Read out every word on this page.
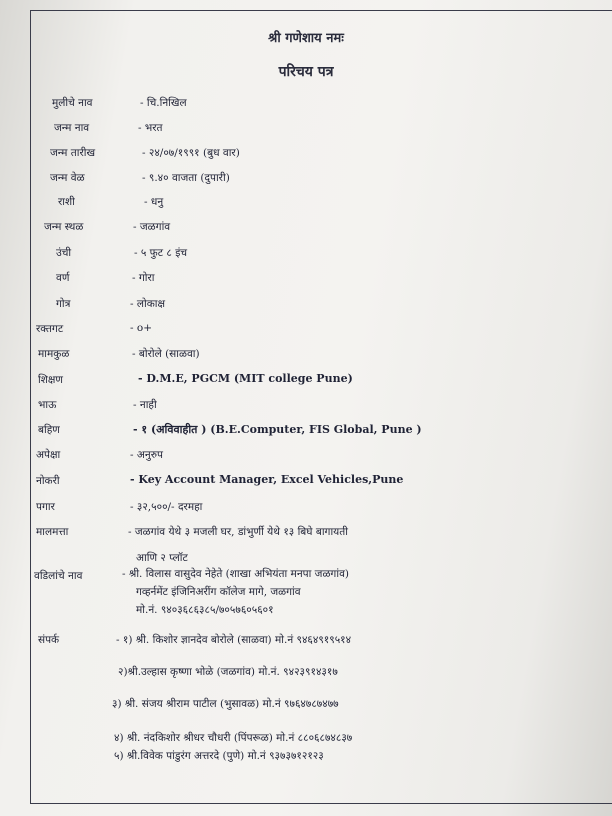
श्री गणेशाय नमः
परिचय पत्र
मुलीचे नाव	- चि.निखिल
जन्म नाव	- भरत
जन्म तारीख	- २४/०७/१९९१ (बुध वार)
जन्म वेळ	- ९.४० वाजता (दुपारी)
राशी	- धनु
जन्म स्थळ	- जळगांव
उंची	- ५ फुट ८ इंच
वर्ण	- गोरा
गोत्र	- लोकाक्ष
रक्तगट	- o+
मामकुळ	- बोरोले (साळवा)
शिक्षण	- D.M.E, PGCM (MIT college Pune)
भाऊ	- नाही
बहिण	- १ (अविवाहीत ) (B.E.Computer, FIS Global, Pune )
अपेक्षा	- अनुरुप
नोकरी	- Key Account Manager, Excel Vehicles,Pune
पगार	- ३२,५००/- दरमहा
मालमत्ता	- जळगांव येथे ३ मजली घर, डांभुर्णी येथे १३ बिघे बागायती
आणि २ प्लॉट
वडिलांचे नाव	- श्री. विलास वासुदेव नेहेते (शाखा अभियंता मनपा जळगांव)
गव्हर्नमेंट इंजिनिअरींग कॉलेज मागे, जळगांव
मो.नं. ९४०३६८६३८५/७०५७६०५६०१
संपर्क	- १) श्री. किशोर ज्ञानदेव बोरोले (साळवा) मो.नं ९४६४९१९५१४
२)श्री.उल्हास कृष्णा भोळे (जळगांव) मो.नं. ९४२३९१४३१७
३) श्री. संजय श्रीराम पाटील (भुसावळ) मो.नं ९७६४७८७४७७
४) श्री. नंदकिशोर श्रीधर चौधरी (पिंपरूळ) मो.नं ८८०६८७४८३७
५) श्री.विवेक पांडुरंग अत्तरदे (पुणे) मो.नं ९३७३७१२१२३
